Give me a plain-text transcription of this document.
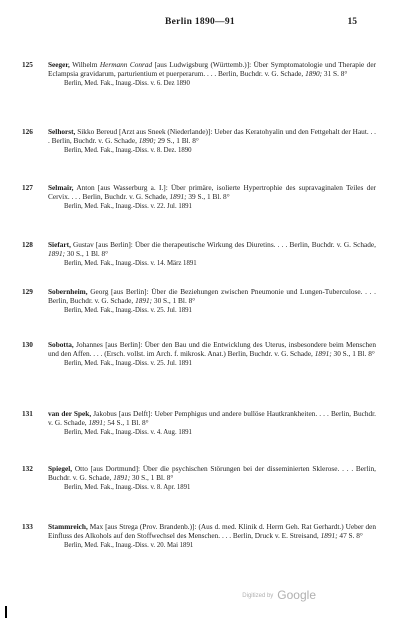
Berlin 1890—91	15
125	Seeger, Wilhelm Hermann Conrad [aus Ludwigsburg (Württemb.)]: Über Symptomatologie und Therapie der Eclampsia gravidarum, parturientium et puerperarum. . . . Berlin, Buchdr. v. G. Schade, 1890; 31 S. 8°
Berlin, Med. Fak., Inaug.-Diss. v. 6. Dez 1890
126	Selhorst, Sikko Bereud [Arzt aus Sneek (Niederlande)]: Ueber das Keratohyalin und den Fettgehalt der Haut. . . . Berlin, Buchdr. v. G. Schade, 1890; 29 S., 1 Bl. 8°
Berlin, Med. Fak., Inaug.-Diss. v. 8. Dez. 1890
127	Selmair, Anton [aus Wasserburg a. I.]: Über primäre, isolierte Hypertrophie des supravaginalen Teiles der Cervix. . . . Berlin, Buchdr. v. G. Schade, 1891; 39 S., 1 Bl. 8°
Berlin, Med. Fak., Inaug.-Diss. v. 22. Jul. 1891
128	Siefart, Gustav [aus Berlin]: Über die therapeutische Wirkung des Diuretins. . . . Berlin, Buchdr. v. G. Schade, 1891; 30 S., 1 Bl. 8°
Berlin, Med. Fak., Inaug.-Diss. v. 14. März 1891
129	Sobernheim, Georg [aus Berlin]: Über die Beziehungen zwischen Pneumonie und Lungen-Tuberculose. . . . Berlin, Buchdr. v. G. Schade, 1891; 30 S., 1 Bl. 8°
Berlin, Med. Fak., Inaug.-Diss. v. 25. Jul. 1891
130	Sobotta, Johannes [aus Berlin]: Über den Bau und die Entwicklung des Uterus, insbesondere beim Menschen und den Affen. . . . (Ersch. vollst. im Arch. f. mikrosk. Anat.) Berlin, Buchdr. v. G. Schade, 1891; 30 S., 1 Bl. 8°
Berlin, Med. Fak., Inaug.-Diss. v. 25. Jul. 1891
131	van der Spek, Jakobus [aus Delft]: Ueber Pemphigus und andere bullöse Hautkrankheiten. . . . Berlin, Buchdr. v. G. Schade, 1891; 54 S., 1 Bl. 8°
Berlin, Med. Fak., Inaug.-Diss. v. 4. Aug. 1891
132	Spiegel, Otto [aus Dortmund]: Über die psychischen Störungen bei der disseminierten Sklerose. . . . Berlin, Buchdr. v. G. Schade, 1891; 30 S., 1 Bl. 8°
Berlin, Med. Fak., Inaug.-Diss. v. 8. Apr. 1891
133	Stammreich, Max [aus Strega (Prov. Brandenb.)]: (Aus d. med. Klinik d. Herrn Geh. Rat Gerhardt.) Ueber den Einfluss des Alkohols auf den Stoffwechsel des Menschen. . . . Berlin, Druck v. E. Streisand, 1891; 47 S. 8°
Berlin, Med. Fak., Inaug.-Diss. v. 20. Mai 1891
Digitized by Google
